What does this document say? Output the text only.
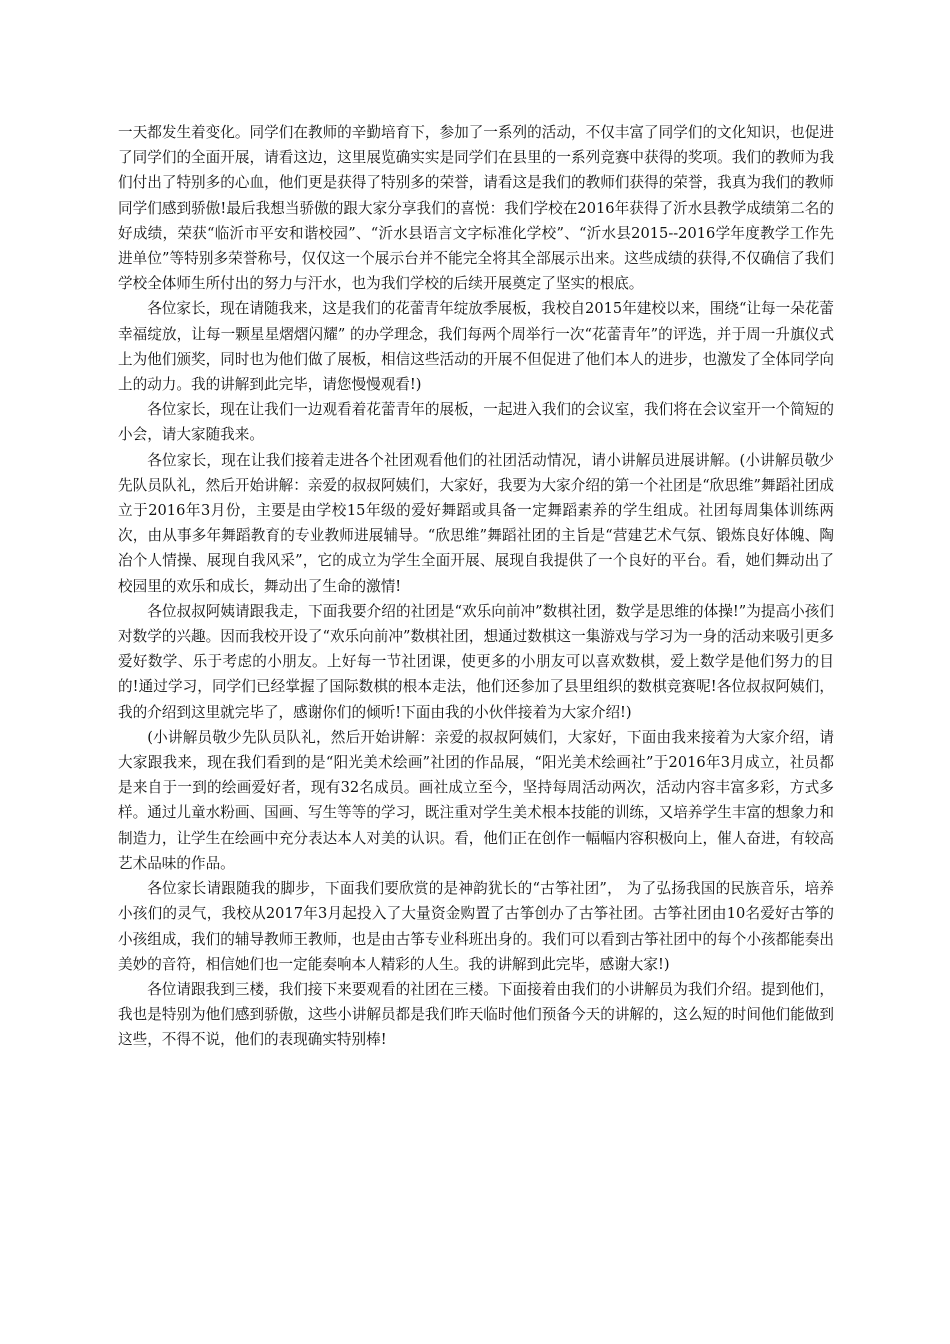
一天都发生着变化。同学们在教师的辛勤培育下，参加了一系列的活动，不仅丰富了同学们的文化知识，也促进了同学们的全面开展，请看这边，这里展览确实实是同学们在县里的一系列竞赛中获得的奖项。我们的教师为我们付出了特别多的心血，他们更是获得了特别多的荣誉，请看这是我们的教师们获得的荣誉，我真为我们的教师同学们感到骄傲!最后我想当骄傲的跟大家分享我们的喜悦：我们学校在2016年获得了沂水县教学成绩第二名的好成绩，荣获“临沂市平安和谐校园”、“沂水县语言文字标准化学校”、“沂水县2015--2016学年度教学工作先进单位”等特别多荣誉称号，仅仅这一个展示台并不能完全将其全部展示出来。这些成绩的获得,不仅确信了我们学校全体师生所付出的努力与汗水，也为我们学校的后续开展奠定了坚实的根底。

各位家长，现在请随我来，这是我们的花蕾青年绽放季展板，我校自2015年建校以来，围绕“让每一朵花蕾幸福绽放，让每一颗星星熠熠闪耀” 的办学理念，我们每两个周举行一次“花蕾青年”的评选，并于周一升旗仪式上为他们颁奖，同时也为他们做了展板，相信这些活动的开展不但促进了他们本人的进步，也激发了全体同学向上的动力。我的讲解到此完毕，请您慢慢观看!)

各位家长，现在让我们一边观看着花蕾青年的展板，一起进入我们的会议室，我们将在会议室开一个简短的小会，请大家随我来。

各位家长，现在让我们接着走进各个社团观看他们的社团活动情况，请小讲解员进展讲解。(小讲解员敬少先队员队礼，然后开始讲解：亲爱的叔叔阿姨们，大家好，我要为大家介绍的第一个社团是“欣思维”舞蹈社团成立于2016年3月份，主要是由学校15年级的爱好舞蹈或具备一定舞蹈素养的学生组成。社团每周集体训练两次，由从事多年舞蹈教育的专业教师进展辅导。“欣思维”舞蹈社团的主旨是“营建艺术气氛、锻炼良好体魄、陶冶个人情操、展现自我风采”，它的成立为学生全面开展、展现自我提供了一个良好的平台。看，她们舞动出了校园里的欢乐和成长，舞动出了生命的激情!

各位叔叔阿姨请跟我走，下面我要介绍的社团是“欢乐向前冲”数棋社团，数学是思维的体操!”为提高小孩们对数学的兴趣。因而我校开设了“欢乐向前冲”数棋社团，想通过数棋这一集游戏与学习为一身的活动来吸引更多爱好数学、乐于考虑的小朋友。上好每一节社团课，使更多的小朋友可以喜欢数棋，爱上数学是他们努力的目的!通过学习，同学们已经掌握了国际数棋的根本走法，他们还参加了县里组织的数棋竞赛呢!各位叔叔阿姨们，我的介绍到这里就完毕了，感谢你们的倾听!下面由我的小伙伴接着为大家介绍!)

(小讲解员敬少先队员队礼，然后开始讲解：亲爱的叔叔阿姨们，大家好，下面由我来接着为大家介绍，请大家跟我来，现在我们看到的是“阳光美术绘画”社团的作品展，“阳光美术绘画社”于2016年3月成立，社员都是来自于一到的绘画爱好者，现有32名成员。画社成立至今，坚持每周活动两次，活动内容丰富多彩，方式多样。通过儿童水粉画、国画、写生等等的学习，既注重对学生美术根本技能的训练，又培养学生丰富的想象力和制造力，让学生在绘画中充分表达本人对美的认识。看，他们正在创作一幅幅内容积极向上，催人奋进，有较高艺术品味的作品。

各位家长请跟随我的脚步，下面我们要欣赏的是神韵犹长的“古筝社团”， 为了弘扬我国的民族音乐，培养小孩们的灵气，我校从2017年3月起投入了大量资金购置了古筝创办了古筝社团。古筝社团由10名爱好古筝的小孩组成，我们的辅导教师王教师，也是由古筝专业科班出身的。我们可以看到古筝社团中的每个小孩都能奏出美妙的音符，相信她们也一定能奏响本人精彩的人生。我的讲解到此完毕，感谢大家!)

各位请跟我到三楼，我们接下来要观看的社团在三楼。下面接着由我们的小讲解员为我们介绍。提到他们，我也是特别为他们感到骄傲，这些小讲解员都是我们昨天临时他们预备今天的讲解的，这么短的时间他们能做到这些，不得不说，他们的表现确实特别棒!
